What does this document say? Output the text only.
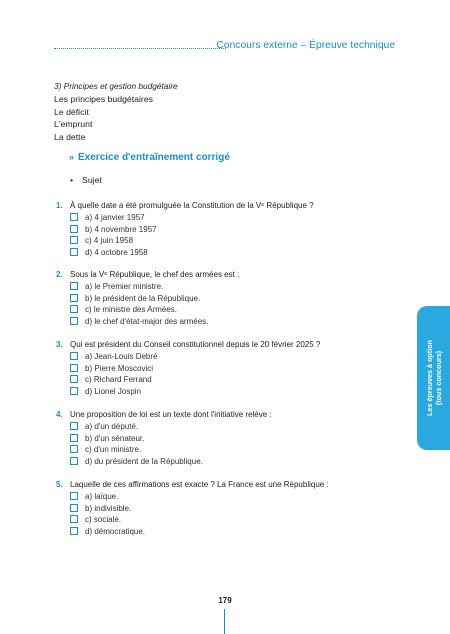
Concours externe – Épreuve technique
3) Principes et gestion budgétaire
Les principes budgétaires
Le déficit
L'emprunt
La dette
» Exercice d'entraînement corrigé
• Sujet
1. À quelle date a été promulguée la Constitution de la Vᵉ République ?
a) 4 janvier 1957
b) 4 novembre 1957
c) 4 juin 1958
d) 4 octobre 1958
2. Sous la Vᵉ République, le chef des armées est :
a) le Premier ministre.
b) le président de la République.
c) le ministre des Armées.
d) le chef d'état-major des armées.
3. Qui est président du Conseil constitutionnel depuis le 20 février 2025 ?
a) Jean-Louis Debré
b) Pierre Moscovici
c) Richard Ferrand
d) Lionel Jospin
4. Une proposition de loi est un texte dont l'initiative relève :
a) d'un député.
b) d'un sénateur.
c) d'un ministre.
d) du président de la République.
5. Laquelle de ces affirmations est exacte ? La France est une République :
a) laïque.
b) indivisible.
c) sociale.
d) démocratique.
Les épreuves à option (tous concours)
179
